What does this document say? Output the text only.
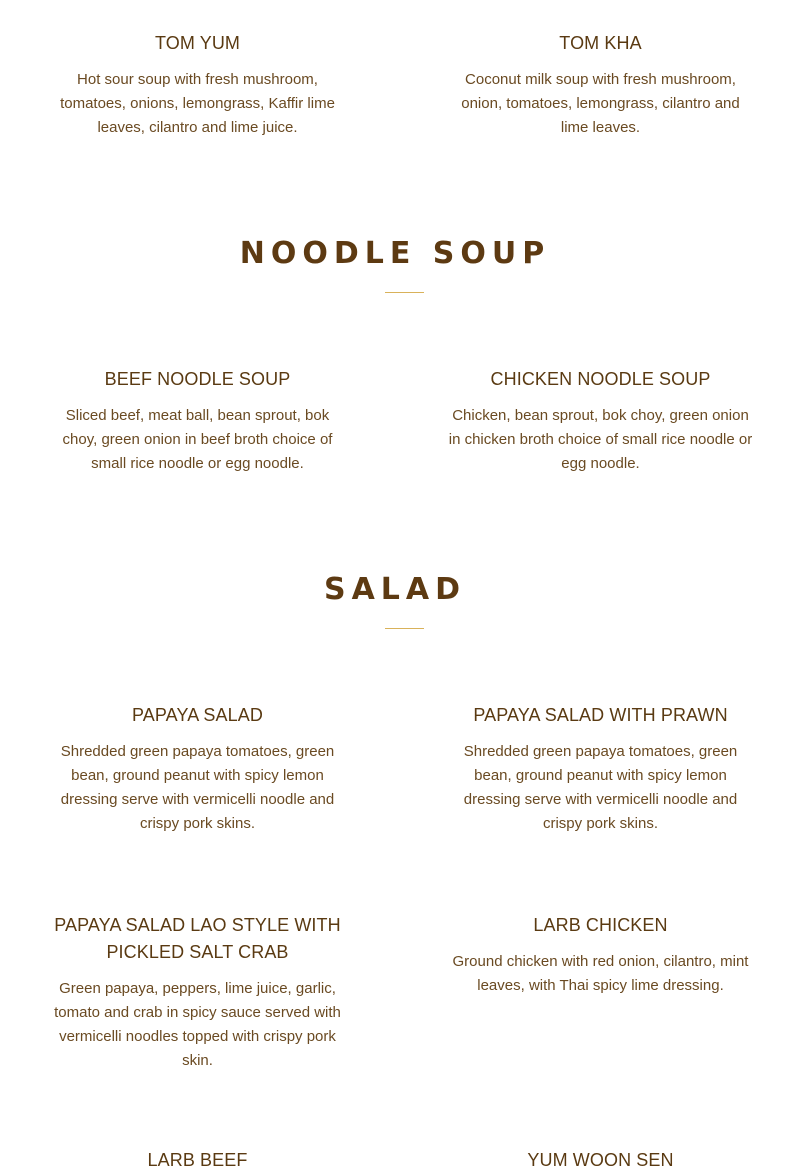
TOM YUM

Hot sour soup with fresh mushroom, tomatoes, onions, lemongrass, Kaffir lime leaves, cilantro and lime juice.

TOM KHA

Coconut milk soup with fresh mushroom, onion, tomatoes, lemongrass, cilantro and lime leaves.

NOODLE SOUP
BEEF NOODLE SOUP

Sliced beef, meat ball, bean sprout, bok choy, green onion in beef broth choice of small rice noodle or egg noodle.

CHICKEN NOODLE SOUP

Chicken, bean sprout, bok choy, green onion in chicken broth choice of small rice noodle or egg noodle.

SALAD
PAPAYA SALAD

Shredded green papaya tomatoes, green bean, ground peanut with spicy lemon dressing serve with vermicelli noodle and crispy pork skins.

PAPAYA SALAD WITH PRAWN

Shredded green papaya tomatoes, green bean, ground peanut with spicy lemon dressing serve with vermicelli noodle and crispy pork skins.

PAPAYA SALAD LAO STYLE WITH PICKLED SALT CRAB

Green papaya, peppers, lime juice, garlic, tomato and crab in spicy sauce served with vermicelli noodles topped with crispy pork skin.

LARB CHICKEN

Ground chicken with red onion, cilantro, mint leaves, with Thai spicy lime dressing.

LARB BEEF	YUM WOON SEN
